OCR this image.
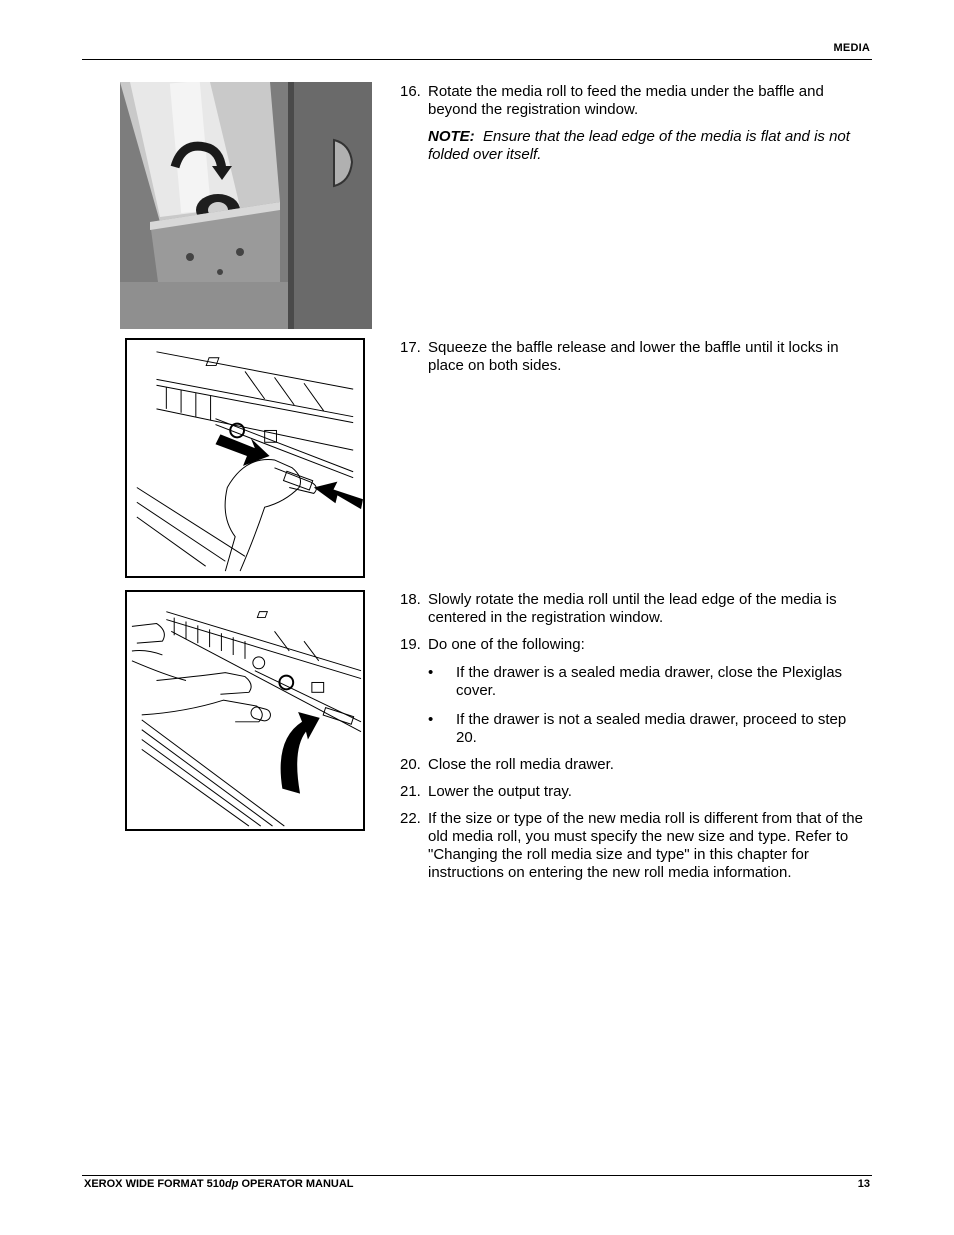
MEDIA
16. Rotate the media roll to feed the media under the baffle and beyond the registration window.
NOTE: Ensure that the lead edge of the media is flat and is not folded over itself.
17. Squeeze the baffle release and lower the baffle until it locks in place on both sides.
18. Slowly rotate the media roll until the lead edge of the media is centered in the registration window.
19. Do one of the following:
• If the drawer is a sealed media drawer, close the Plexiglas cover.
• If the drawer is not a sealed media drawer, proceed to step 20.
20. Close the roll media drawer.
21. Lower the output tray.
22. If the size or type of the new media roll is different from that of the old media roll, you must specify the new size and type. Refer to "Changing the roll media size and type" in this chapter for instructions on entering the new roll media information.
XEROX WIDE FORMAT 510dp OPERATOR MANUAL	13
